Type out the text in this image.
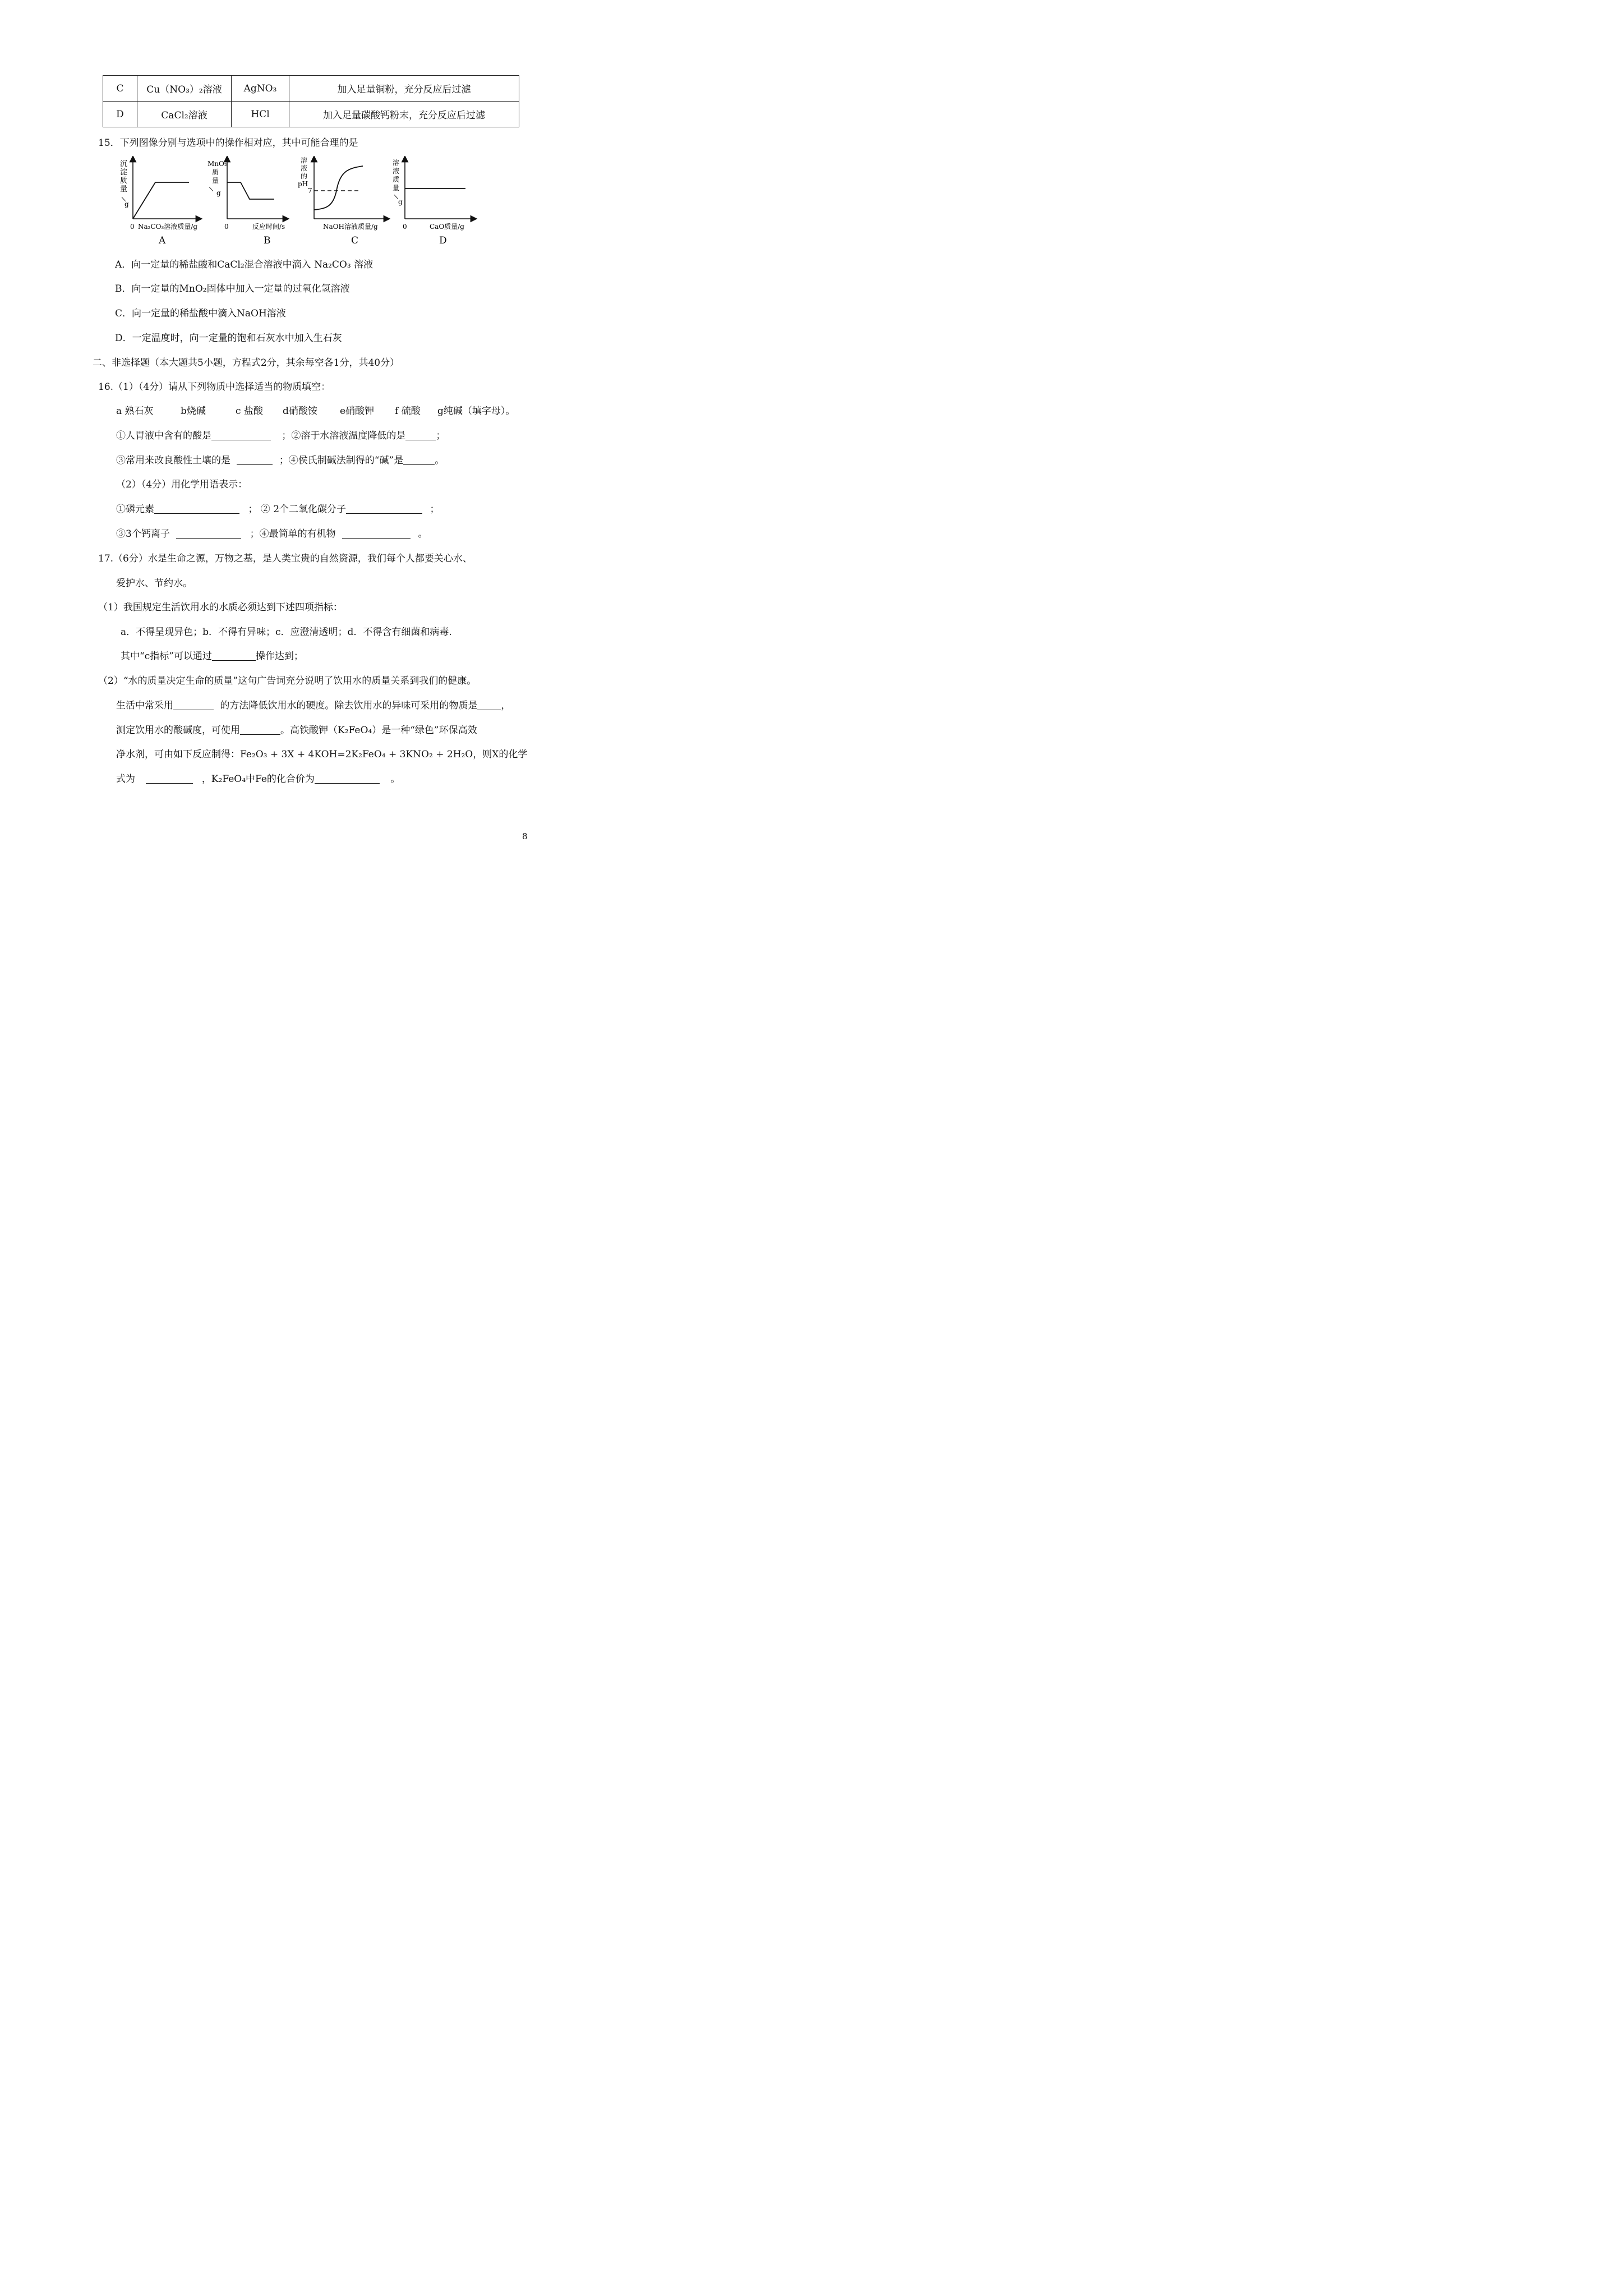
C	Cu（NO₃）₂溶液	AgNO₃	加入足量铜粉，充分反应后过滤
D	CaCl₂溶液	HCl	加入足量碳酸钙粉末，充分反应后过滤
15．下列图像分别与选项中的操作相对应，其中可能合理的是
沉淀质量
/
g
0 Na₂CO₃溶液质量/g
A
MnO₂ 质量
/
g
0	反应时间/s
B
溶液的 pH
7
NaOH溶液质量/g
C
溶液质量
/
g
0	CaO质量/g
D
A．向一定量的稀盐酸和CaCl₂混合溶液中滴入 Na₂CO₃ 溶液
B．向一定量的MnO₂固体中加入一定量的过氧化氢溶液
C．向一定量的稀盐酸中滴入NaOH溶液
D．一定温度时，向一定量的饱和石灰水中加入生石灰
二、非选择题（本大题共5小题，方程式2分，其余每空各1分，共40分）
16.（1）（4分）请从下列物质中选择适当的物质填空：
a 熟石灰	b烧碱	c 盐酸	d硝酸铵	e硝酸钾	f 硫酸	g纯碱（填字母）。
①人胃液中含有的酸是	；②溶于水溶液温度降低的是	；
③常用来改良酸性土壤的是	；④侯氏制碱法制得的“碱”是	。
（2）（4分）用化学用语表示：
①磷元素	； ② 2个二氧化碳分子	；
③3个钙离子	；④最简单的有机物	。
17.（6分）水是生命之源，万物之基，是人类宝贵的自然资源，我们每个人都要关心水、
爱护水、节约水。
（1）我国规定生活饮用水的水质必须达到下述四项指标：
a．不得呈现异色；b．不得有异味；c．应澄清透明；d．不得含有细菌和病毒.
其中“c指标”可以通过	操作达到；
（2）“水的质量决定生命的质量”这句广告词充分说明了饮用水的质量关系到我们的健康。
生活中常采用	的方法降低饮用水的硬度。除去饮用水的异味可采用的物质是 ，
测定饮用水的酸碱度，可使用	。高铁酸钾（K₂FeO₄）是一种“绿色”环保高效
净水剂，可由如下反应制得：Fe₂O₃ + 3X + 4KOH=2K₂FeO₄ + 3KNO₂ + 2H₂O，则X的化学
式为	，K₂FeO₄中Fe的化合价为	。
8
